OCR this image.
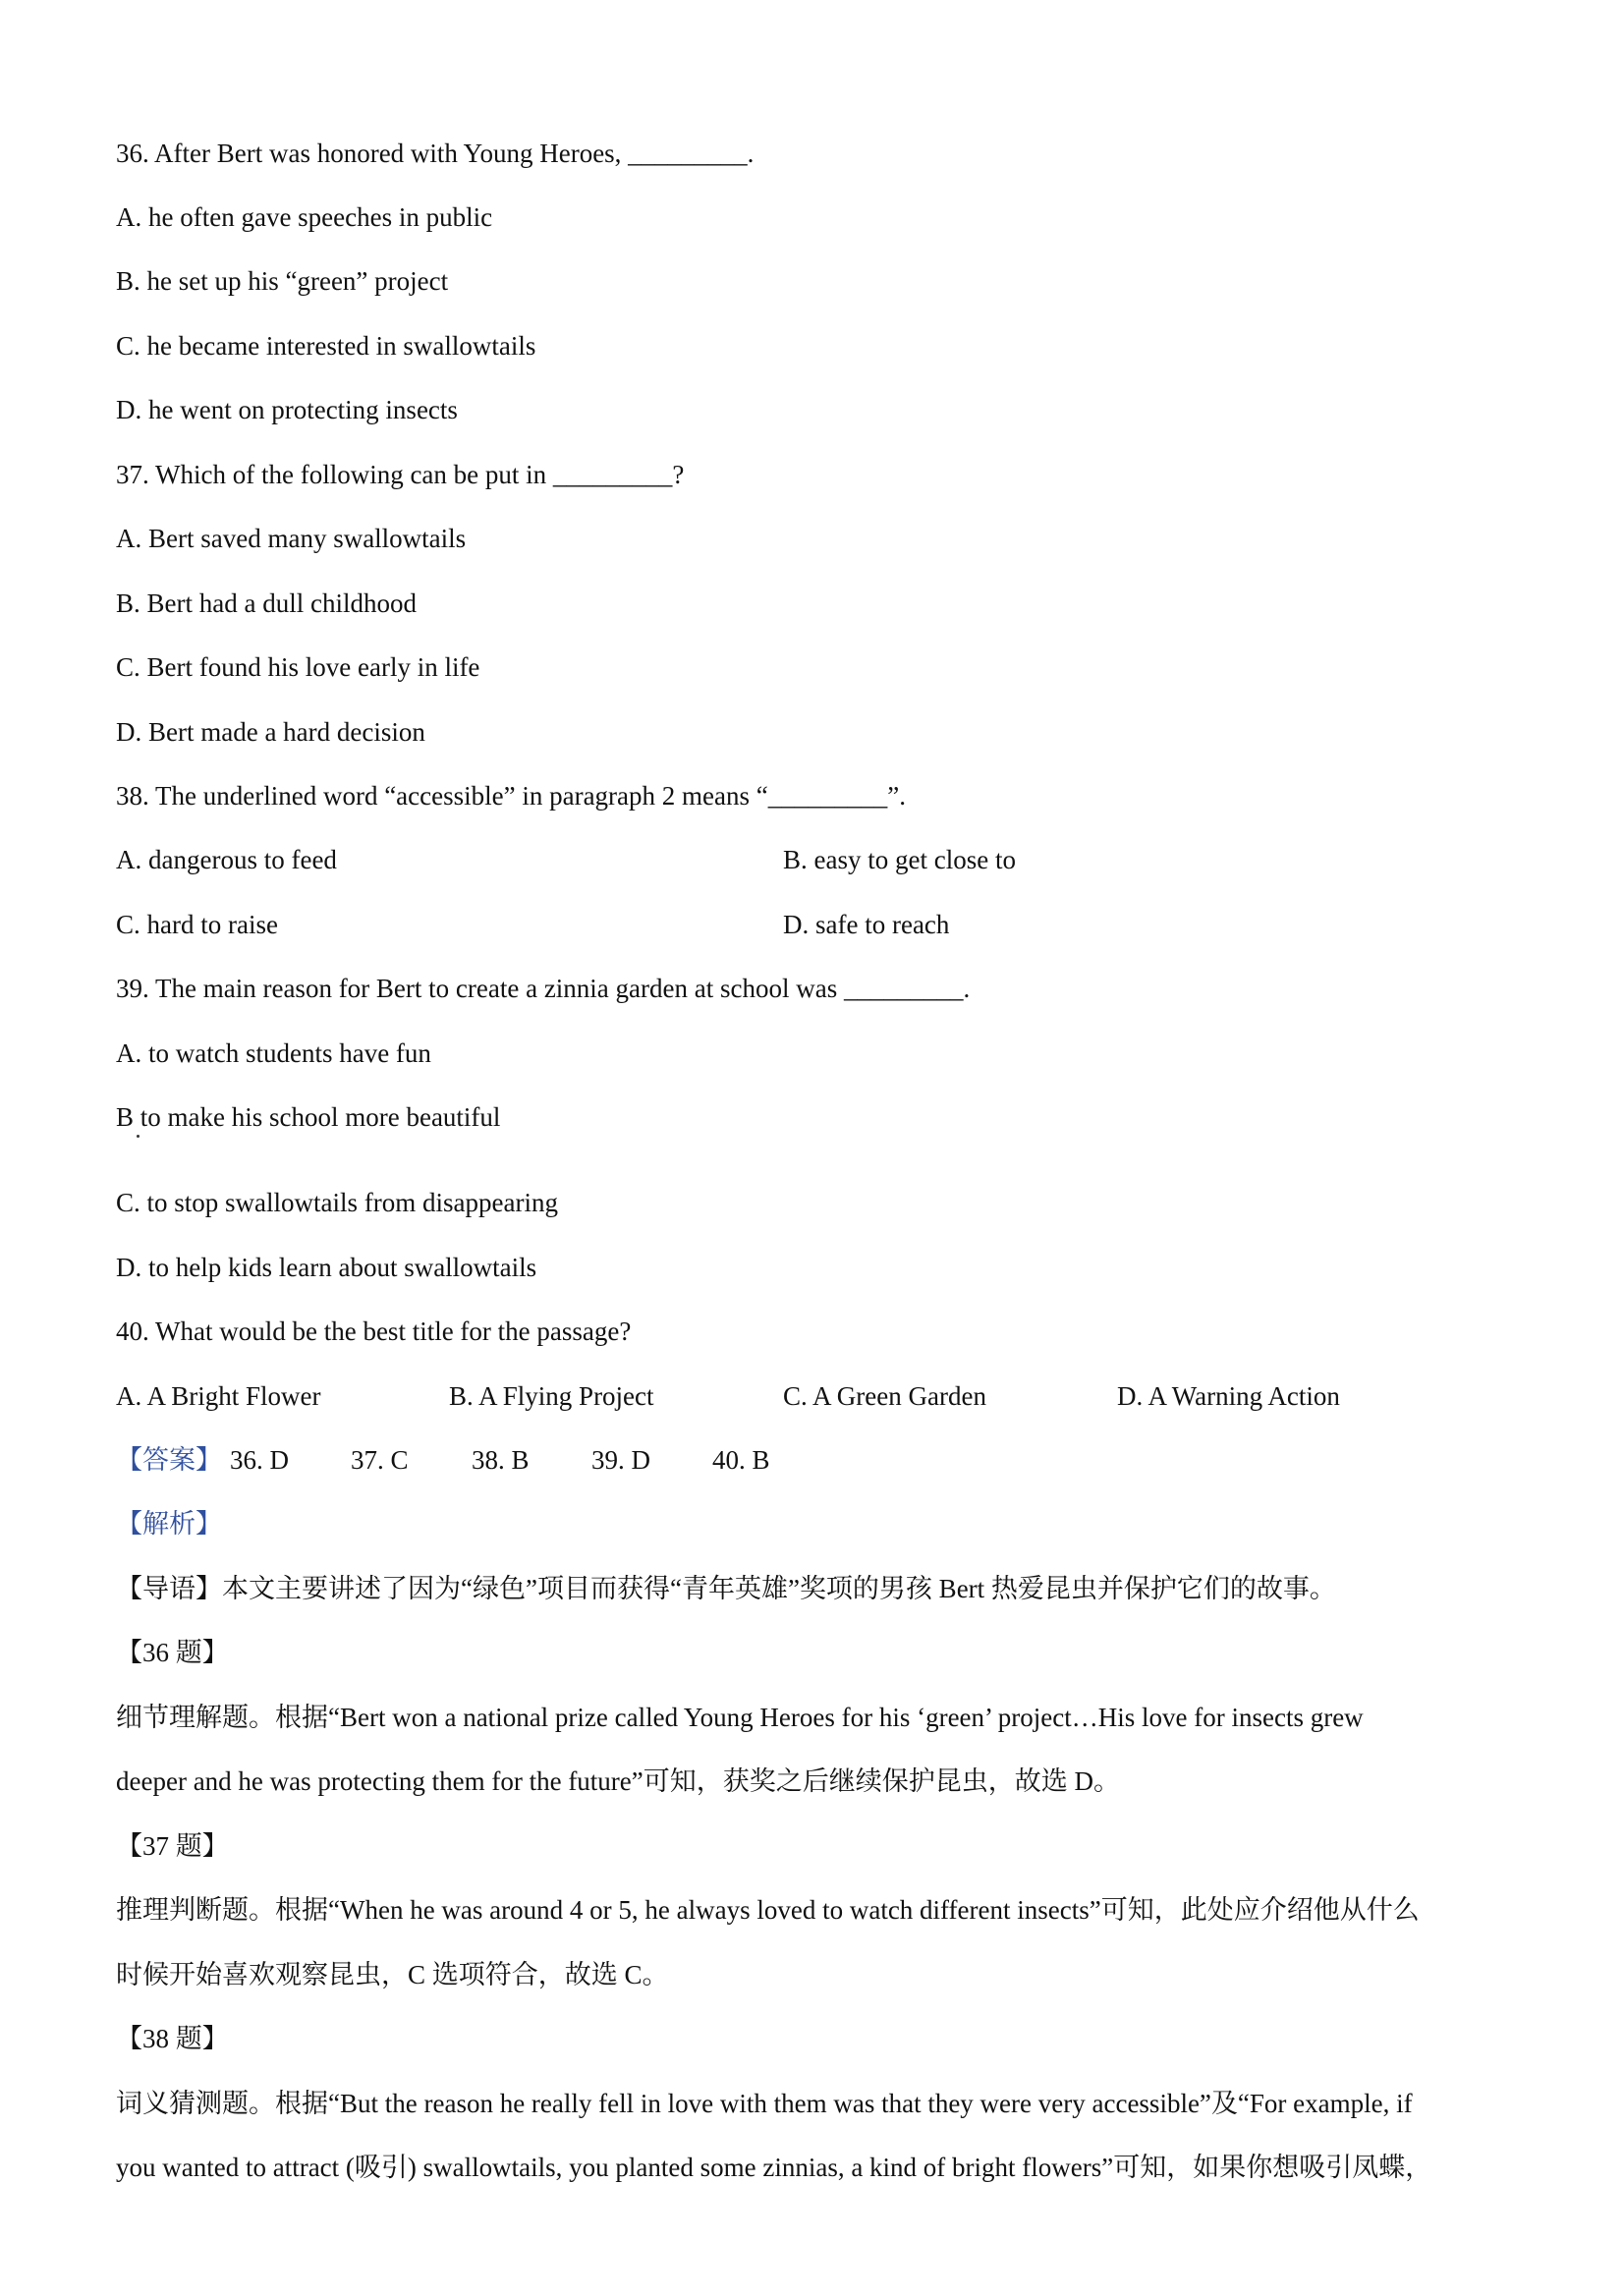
36. After Bert was honored with Young Heroes, _________.
A. he often gave speeches in public
B. he set up his “green” project
C. he became interested in swallowtails
D. he went on protecting insects
37. Which of the following can be put in _________?
A. Bert saved many swallowtails
B. Bert had a dull childhood
C. Bert found his love early in life
D. Bert made a hard decision
38. The underlined word “accessible” in paragraph 2 means “_________”.
A. dangerous to feed	B. easy to get close to
C. hard to raise	D. safe to reach
39. The main reason for Bert to create a zinnia garden at school was _________.
A. to watch students have fun
B to make his school more beautiful
C. to stop swallowtails from disappearing
D. to help kids learn about swallowtails
40. What would be the best title for the passage?
A. A Bright Flower	B. A Flying Project	C. A Green Garden	D. A Warning Action
【答案】 36. D 37. C 38. B 39. D 40. B
【解析】
【导语】本文主要讲述了因为“绿色”项目而获得“青年英雄”奖项的男孩 Bert 热爱昆虫并保护它们的故事。
【36 题】
细节理解题。根据“Bert won a national prize called Young Heroes for his ‘green’ project…His love for insects grew
deeper and he was protecting them for the future”可知，获奖之后继续保护昆虫，故选 D。
【37 题】
推理判断题。根据“When he was around 4 or 5, he always loved to watch different insects”可知，此处应介绍他从什么
时候开始喜欢观察昆虫，C 选项符合，故选 C。
【38 题】
词义猜测题。根据“But the reason he really fell in love with them was that they were very accessible”及“For example, if
you wanted to attract (吸引) swallowtails, you planted some zinnias, a kind of bright flowers”可知，如果你想吸引凤蝶，
